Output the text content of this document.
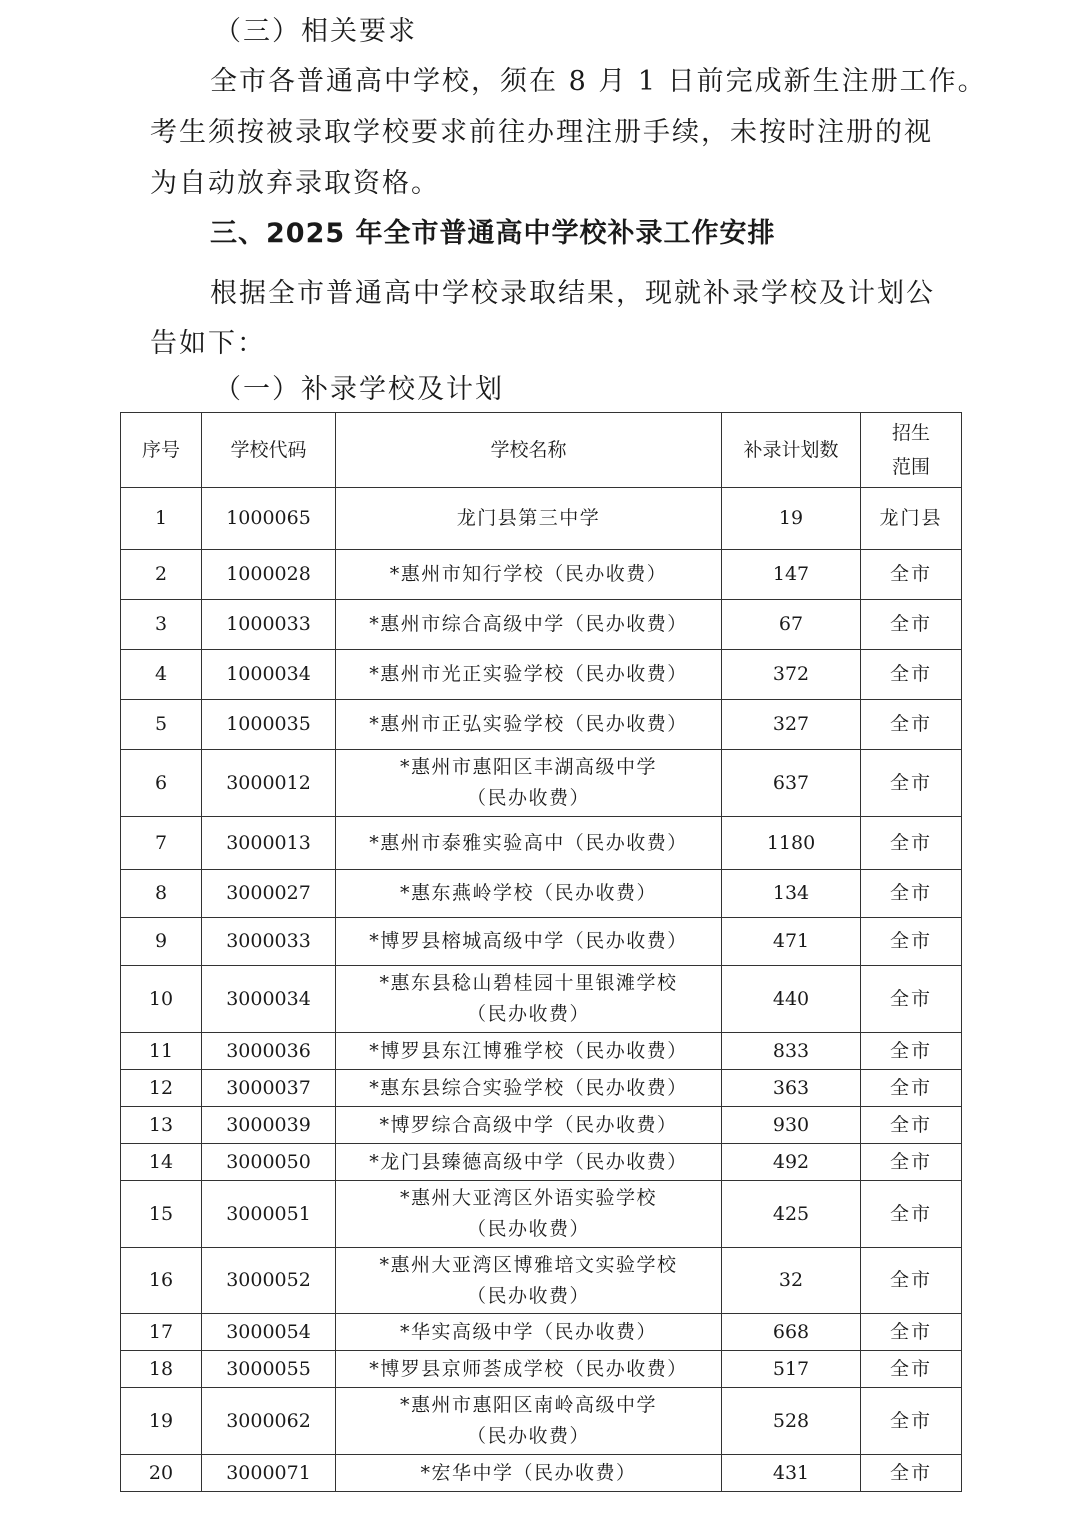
（三）相关要求
全市各普通高中学校，须在 8 月 1 日前完成新生注册工作。
考生须按被录取学校要求前往办理注册手续，未按时注册的视
为自动放弃录取资格。
三、2025 年全市普通高中学校补录工作安排
根据全市普通高中学校录取结果，现就补录学校及计划公
告如下：
（一）补录学校及计划
序号	学校代码	学校名称	补录计划数	招生
范围
1	1000065	龙门县第三中学	19	龙门县
2	1000028	*惠州市知行学校（民办收费）	147	全市
3	1000033	*惠州市综合高级中学（民办收费）	67	全市
4	1000034	*惠州市光正实验学校（民办收费）	372	全市
5	1000035	*惠州市正弘实验学校（民办收费）	327	全市
6	3000012	*惠州市惠阳区丰湖高级中学
（民办收费）	637	全市
7	3000013	*惠州市泰雅实验高中（民办收费）	1180	全市
8	3000027	*惠东燕岭学校（民办收费）	134	全市
9	3000033	*博罗县榕城高级中学（民办收费）	471	全市
10	3000034	*惠东县稔山碧桂园十里银滩学校
（民办收费）	440	全市
11	3000036	*博罗县东江博雅学校（民办收费）	833	全市
12	3000037	*惠东县综合实验学校（民办收费）	363	全市
13	3000039	*博罗综合高级中学（民办收费）	930	全市
14	3000050	*龙门县臻德高级中学（民办收费）	492	全市
15	3000051	*惠州大亚湾区外语实验学校
（民办收费）	425	全市
16	3000052	*惠州大亚湾区博雅培文实验学校
（民办收费）	32	全市
17	3000054	*华实高级中学（民办收费）	668	全市
18	3000055	*博罗县京师荟成学校（民办收费）	517	全市
19	3000062	*惠州市惠阳区南岭高级中学
（民办收费）	528	全市
20	3000071	*宏华中学（民办收费）	431	全市
